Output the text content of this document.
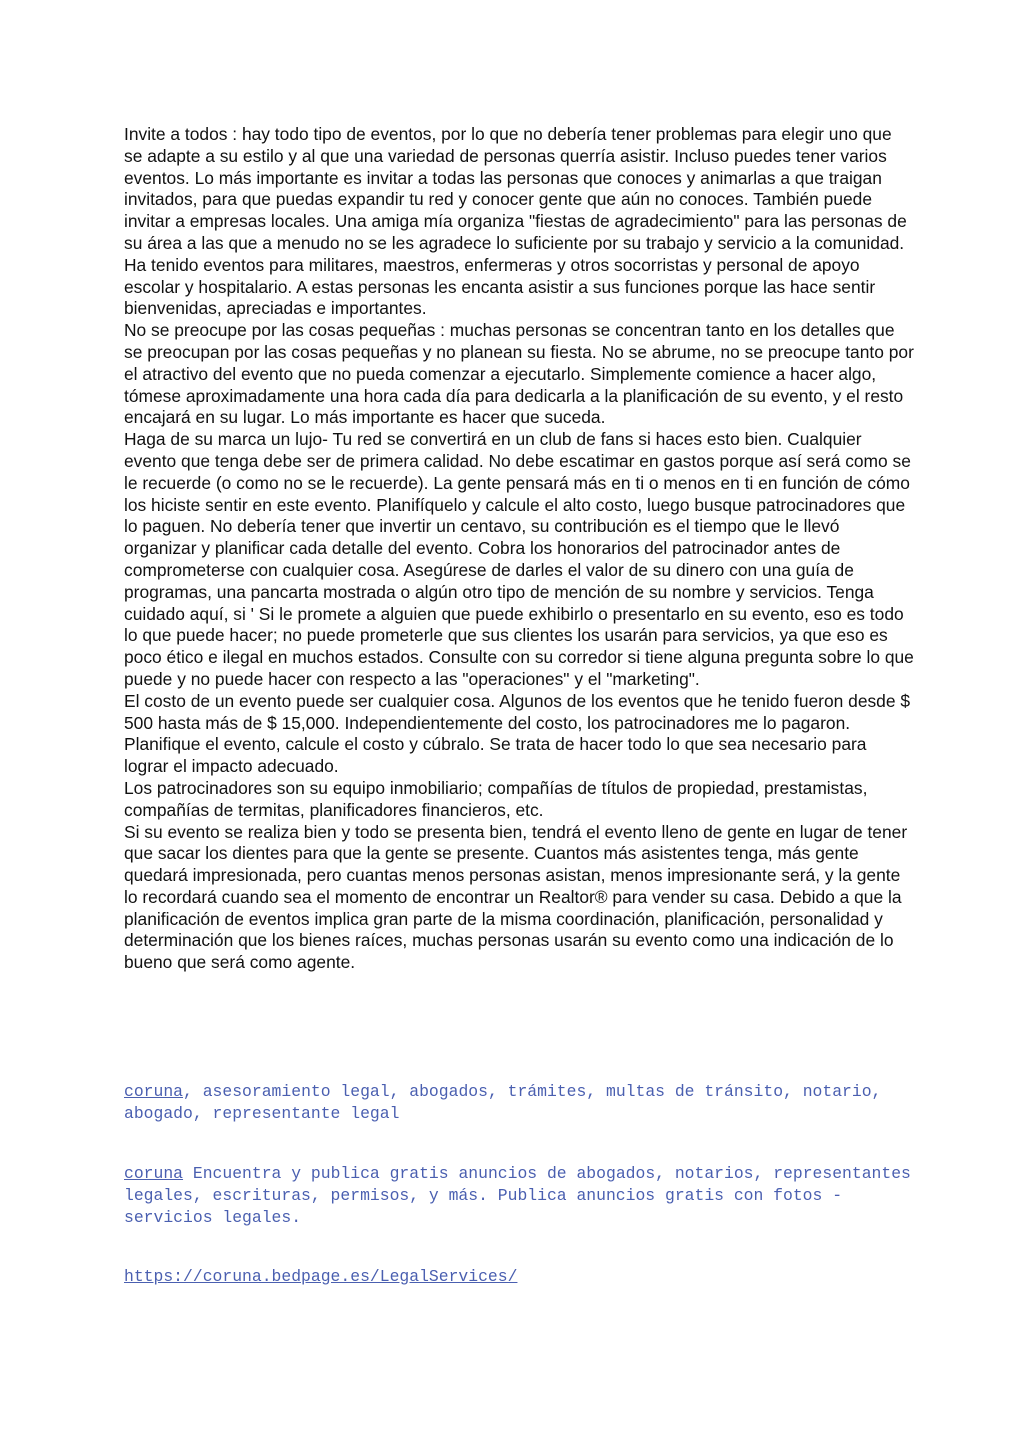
Invite a todos : hay todo tipo de eventos, por lo que no debería tener problemas para elegir uno que se adapte a su estilo y al que una variedad de personas querría asistir. Incluso puedes tener varios eventos. Lo más importante es invitar a todas las personas que conoces y animarlas a que traigan invitados, para que puedas expandir tu red y conocer gente que aún no conoces. También puede invitar a empresas locales. Una amiga mía organiza "fiestas de agradecimiento" para las personas de su área a las que a menudo no se les agradece lo suficiente por su trabajo y servicio a la comunidad. Ha tenido eventos para militares, maestros, enfermeras y otros socorristas y personal de apoyo escolar y hospitalario. A estas personas les encanta asistir a sus funciones porque las hace sentir bienvenidas, apreciadas e importantes.

No se preocupe por las cosas pequeñas : muchas personas se concentran tanto en los detalles que se preocupan por las cosas pequeñas y no planean su fiesta. No se abrume, no se preocupe tanto por el atractivo del evento que no pueda comenzar a ejecutarlo. Simplemente comience a hacer algo, tómese aproximadamente una hora cada día para dedicarla a la planificación de su evento, y el resto encajará en su lugar. Lo más importante es hacer que suceda.

Haga de su marca un lujo- Tu red se convertirá en un club de fans si haces esto bien. Cualquier evento que tenga debe ser de primera calidad. No debe escatimar en gastos porque así será como se le recuerde (o como no se le recuerde). La gente pensará más en ti o menos en ti en función de cómo los hiciste sentir en este evento. Planifíquelo y calcule el alto costo, luego busque patrocinadores que lo paguen. No debería tener que invertir un centavo, su contribución es el tiempo que le llevó organizar y planificar cada detalle del evento. Cobra los honorarios del patrocinador antes de comprometerse con cualquier cosa. Asegúrese de darles el valor de su dinero con una guía de programas, una pancarta mostrada o algún otro tipo de mención de su nombre y servicios. Tenga cuidado aquí, si ' Si le promete a alguien que puede exhibirlo o presentarlo en su evento, eso es todo lo que puede hacer; no puede prometerle que sus clientes los usarán para servicios, ya que eso es poco ético e ilegal en muchos estados. Consulte con su corredor si tiene alguna pregunta sobre lo que puede y no puede hacer con respecto a las "operaciones" y el "marketing".

El costo de un evento puede ser cualquier cosa. Algunos de los eventos que he tenido fueron desde $ 500 hasta más de $ 15,000. Independientemente del costo, los patrocinadores me lo pagaron. Planifique el evento, calcule el costo y cúbralo. Se trata de hacer todo lo que sea necesario para lograr el impacto adecuado.

Los patrocinadores son su equipo inmobiliario; compañías de títulos de propiedad, prestamistas, compañías de termitas, planificadores financieros, etc.

Si su evento se realiza bien y todo se presenta bien, tendrá el evento lleno de gente en lugar de tener que sacar los dientes para que la gente se presente. Cuantos más asistentes tenga, más gente quedará impresionada, pero cuantas menos personas asistan, menos impresionante será, y la gente lo recordará cuando sea el momento de encontrar un Realtor® para vender su casa. Debido a que la planificación de eventos implica gran parte de la misma coordinación, planificación, personalidad y determinación que los bienes raíces, muchas personas usarán su evento como una indicación de lo bueno que será como agente.

coruna, asesoramiento legal, abogados, trámites, multas de tránsito, notario, abogado, representante legal

coruna Encuentra y publica gratis anuncios de abogados, notarios, representantes legales, escrituras, permisos, y más. Publica anuncios gratis con fotos - servicios legales.

https://coruna.bedpage.es/LegalServices/
